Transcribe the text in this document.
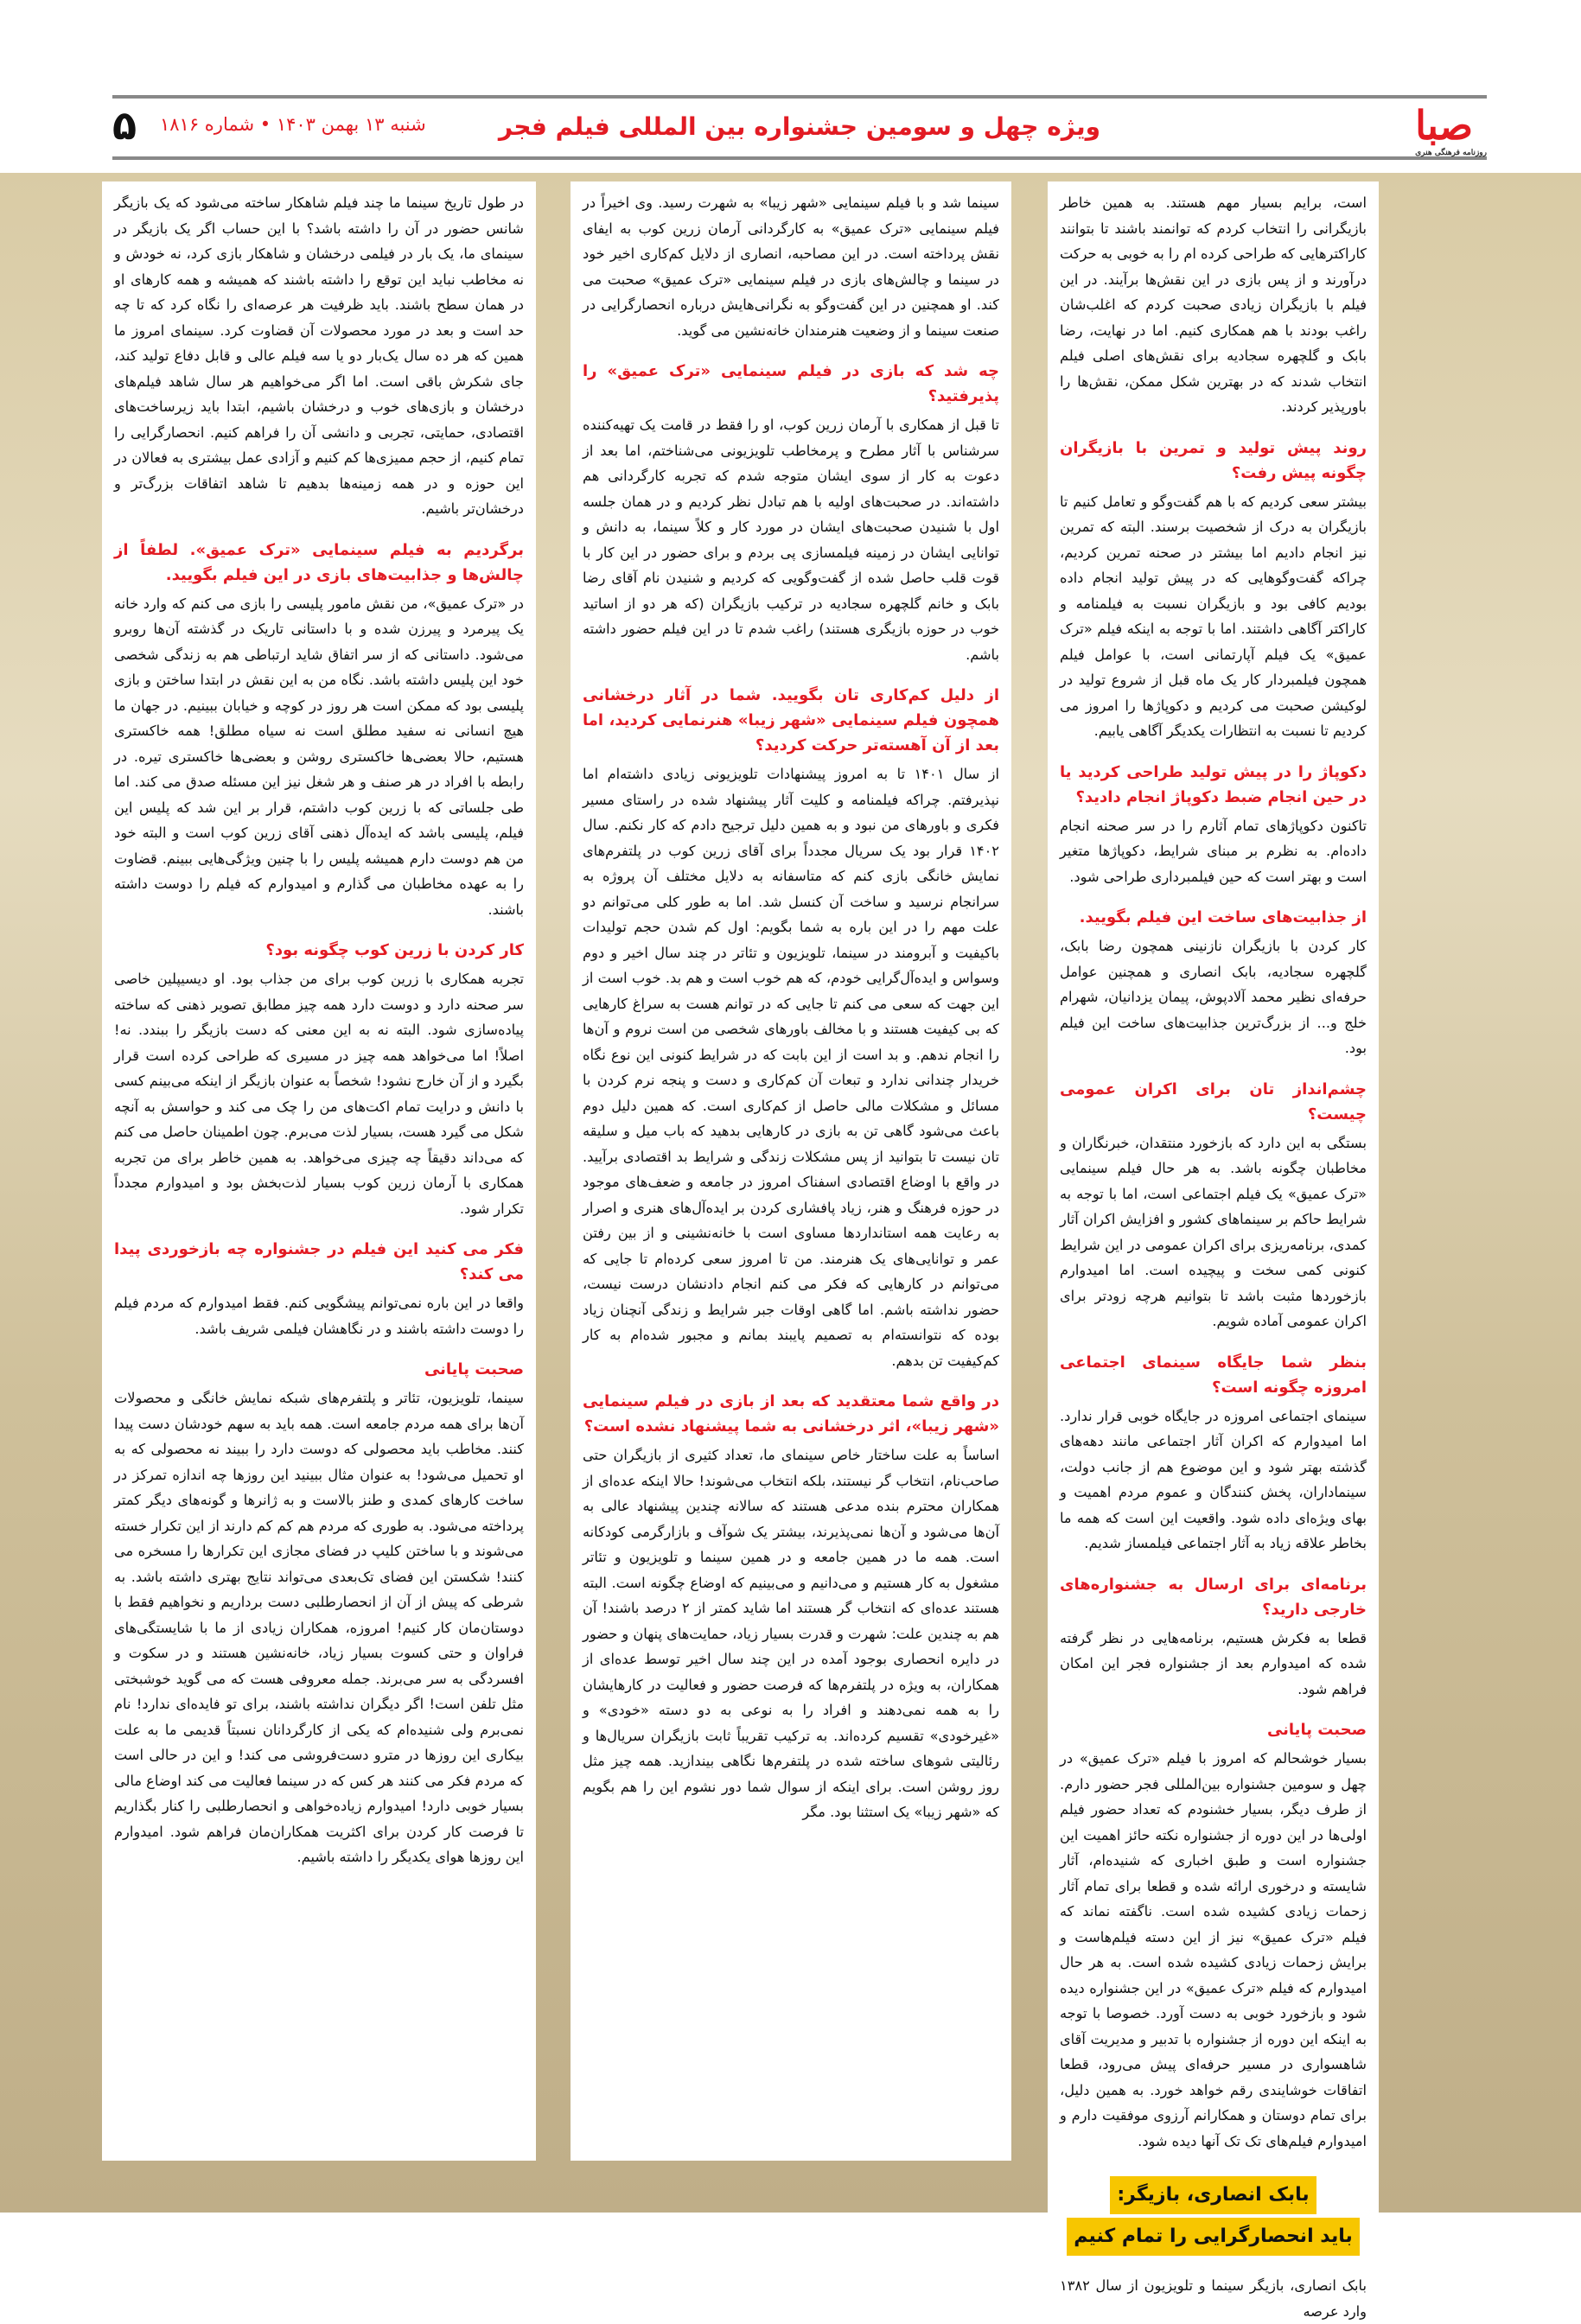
۵ شنبه ۱۳ بهمن ۱۴۰۳ • شماره ۱۸۱۶	ویژه چهل و سومین جشنواره بین المللی فیلم فجر	صبا
روزنامه فرهنگی هنری

است، برایم بسیار مهم هستند. به همین خاطر بازیگرانی را انتخاب کردم که توانمند باشند تا بتوانند کاراکترهایی که طراحی کرده ام را به خوبی به حرکت درآورند و از پس بازی در این نقش‌ها برآیند. در این فیلم با بازیگران زیادی صحبت کردم که اغلب‌شان راغب بودند با هم همکاری کنیم. اما در نهایت، رضا بابک و گلچهره سجادیه برای نقش‌های اصلی فیلم انتخاب شدند که در بهترین شکل ممکن، نقش‌ها را باورپذیر کردند.

روند پیش تولید و تمرین با بازیگران چگونه پیش رفت؟

بیشتر سعی کردیم که با هم گفت‌وگو و تعامل کنیم تا بازیگران به درک از شخصیت برسند. البته که تمرین نیز انجام دادیم اما بیشتر در صحنه تمرین کردیم، چراکه گفت‌وگوهایی که در پیش تولید انجام داده بودیم کافی بود و بازیگران نسبت به فیلمنامه و کاراکتر آگاهی داشتند. اما با توجه به اینکه فیلم «ترک عمیق» یک فیلم آپارتمانی است، با عوامل فیلم همچون فیلمبردار کار یک ماه قبل از شروع تولید در لوکیشن صحبت می کردیم و دکوپاژها را امروز می کردیم تا نسبت به انتظارات یکدیگر آگاهی یابیم.

دکوپاژ را در پیش تولید طراحی کردید یا در حین انجام ضبط دکوپاژ انجام دادید؟

تاکنون دکوپاژهای تمام آثارم را در سر صحنه انجام داده‌ام. به نظرم بر مبنای شرایط، دکوپاژها متغیر است و بهتر است که حین فیلمبرداری طراحی شود.

از جذابیت‌های ساخت این فیلم بگویید.

کار کردن با بازیگران نازنینی همچون رضا بابک، گلچهره سجادیه، بابک انصاری و همچنین عوامل حرفه‌ای نظیر محمد آلادپوش، پیمان یزدانیان، شهرام خلج و... از بزرگ‌ترین جذابیت‌های ساخت این فیلم بود.

چشم‌انداز تان برای اکران عمومی چیست؟

بستگی به این دارد که بازخورد منتقدان، خبرنگاران و مخاطبان چگونه باشد. به هر حال فیلم سینمایی «ترک عمیق» یک فیلم اجتماعی است، اما با توجه به شرایط حاکم بر سینماهای کشور و افزایش اکران آثار کمدی، برنامه‌ریزی برای اکران عمومی در این شرایط کنونی کمی سخت و پیچیده است. اما امیدوارم بازخوردها مثبت باشد تا بتوانیم هرچه زودتر برای اکران عمومی آماده شویم.

بنظر شما جایگاه سینمای اجتماعی امروزه چگونه است؟

سینمای اجتماعی امروزه در جایگاه خوبی قرار ندارد. اما امیدوارم که اکران آثار اجتماعی مانند دهه‌های گذشته بهتر شود و این موضوع هم از جانب دولت، سینماداران، پخش کنندگان و عموم مردم اهمیت و بهای ویژه‌ای داده شود. واقعیت این است که همه ما بخاطر علاقه زیاد به آثار اجتماعی فیلمساز شدیم.

برنامه‌ای برای ارسال به جشنواره‌های خارجی دارید؟

قطعا به فکرش هستیم، برنامه‌هایی در نظر گرفته شده که امیدوارم بعد از جشنواره فجر این امکان فراهم شود.

صحبت پایانی

بسیار خوشحالم که امروز با فیلم «ترک عمیق» در چهل و سومین جشنواره بین‌المللی فجر حضور دارم. از طرف دیگر، بسیار خشنودم که تعداد حضور فیلم اولی‌ها در این دوره از جشنواره نکته حائز اهمیت این جشنواره است و طبق اخباری که شنیده‌ام، آثار شایسته و درخوری ارائه شده و قطعا برای تمام آثار زحمات زیادی کشیده شده است. ناگفته نماند که فیلم «ترک عمیق» نیز از این دسته فیلم‌هاست و برایش زحمات زیادی کشیده شده است. به هر حال امیدوارم که فیلم «ترک عمیق» در این جشنواره دیده شود و بازخورد خوبی به دست آورد. خصوصا با توجه به اینکه این دوره از جشنواره با تدبیر و مدیریت آقای شاهسواری در مسیر حرفه‌ای پیش می‌رود، قطعا اتفاقات خوشایندی رقم خواهد خورد. به همین دلیل، برای تمام دوستان و همکارانم آرزوی موفقیت دارم و امیدوارم فیلم‌های تک تک آنها دیده شود.

بابک انصاری، بازیگر:
باید انحصارگرایی را تمام کنیم

بابک انصاری، بازیگر سینما و تلویزیون از سال ۱۳۸۲ وارد عرصه

سینما شد و با فیلم سینمایی «شهر زیبا» به شهرت رسید. وی اخیراً در فیلم سینمایی «ترک عمیق» به کارگردانی آرمان زرین کوب به ایفای نقش پرداخته است. در این مصاحبه، انصاری از دلایل کم‌کاری اخیر خود در سینما و چالش‌های بازی در فیلم سینمایی «ترک عمیق» صحبت می کند. او همچنین در این گفت‌وگو به نگرانی‌هایش درباره انحصارگرایی در صنعت سینما و از وضعیت هنرمندان خانه‌نشین می گوید.

چه شد که بازی در فیلم سینمایی «ترک عمیق» را پذیرفتید؟

تا قبل از همکاری با آرمان زرین کوب، او را فقط در قامت یک تهیه‌کننده سرشناس با آثار مطرح و پرمخاطب تلویزیونی می‌شناختم، اما بعد از دعوت به کار از سوی ایشان متوجه شدم که تجربه کارگردانی هم داشته‌اند. در صحبت‌های اولیه با هم تبادل نظر کردیم و در همان جلسه اول با شنیدن صحبت‌های ایشان در مورد کار و کلاً سینما، به دانش و توانایی ایشان در زمینه فیلمسازی پی بردم و برای حضور در این کار با قوت قلب حاصل شده از گفت‌وگویی که کردیم و شنیدن نام آقای رضا بابک و خانم گلچهره سجادیه در ترکیب بازیگران (که هر دو از اساتید خوب در حوزه بازیگری هستند) راغب شدم تا در این فیلم حضور داشته باشم.

از دلیل کم‌کاری تان بگویید. شما در آثار درخشانی همچون فیلم سینمایی «شهر زیبا» هنرنمایی کردید، اما بعد از آن آهسته‌تر حرکت کردید؟

از سال ۱۴۰۱ تا به امروز پیشنهادات تلویزیونی زیادی داشته‌ام اما نپذیرفتم. چراکه فیلمنامه و کلیت آثار پیشنهاد شده در راستای مسیر فکری و باورهای من نبود و به همین دلیل ترجیح دادم که کار نکنم. سال ۱۴۰۲ قرار بود یک سریال مجدداً برای آقای زرین کوب در پلتفرم‌های نمایش خانگی بازی کنم که متاسفانه به دلایل مختلف آن پروژه به سرانجام نرسید و ساخت آن کنسل شد. اما به طور کلی می‌توانم دو علت مهم را در این باره به شما بگویم: اول کم شدن حجم تولیدات باکیفیت و آبرومند در سینما، تلویزیون و تئاتر در چند سال اخیر و دوم وسواس و ایده‌آل‌گرایی خودم، که هم خوب است و هم بد. خوب است از این جهت که سعی می کنم تا جایی که در توانم هست به سراغ کارهایی که بی کیفیت هستند و با مخالف باورهای شخصی من است نروم و آن‌ها را انجام ندهم. و بد است از این بابت که در شرایط کنونی این نوع نگاه خریدار چندانی ندارد و تبعات آن کم‌کاری و دست و پنجه نرم کردن با مسائل و مشکلات مالی حاصل از کم‌کاری است. که همین دلیل دوم باعث می‌شود گاهی تن به بازی در کارهایی بدهید که باب میل و سلیقه تان نیست تا بتوانید از پس مشکلات زندگی و شرایط بد اقتصادی برآیید. در واقع با اوضاع اقتصادی اسفناک امروز در جامعه و ضعف‌های موجود در حوزه فرهنگ و هنر، زیاد پافشاری کردن بر ایده‌آل‌های هنری و اصرار به رعایت همه استانداردها مساوی است با خانه‌نشینی و از بین رفتن عمر و توانایی‌های یک هنرمند. من تا امروز سعی کرده‌ام تا جایی که می‌توانم در کارهایی که فکر می کنم انجام دادنشان درست نیست، حضور نداشته باشم. اما گاهی اوقات جبر شرایط و زندگی آنچنان زیاد بوده که نتوانسته‌ام به تصمیم پایبند بمانم و مجبور شده‌ام به کار کم‌کیفیت تن بدهم.

در واقع شما معتقدید که بعد از بازی در فیلم سینمایی «شهر زیبا»، اثر درخشانی به شما پیشنهاد نشده است؟

اساساً به علت ساختار خاص سینمای ما، تعداد کثیری از بازیگران حتی صاحب‌نام، انتخاب گر نیستند، بلکه انتخاب می‌شوند! حالا اینکه عده‌ای از همکاران محترم بنده مدعی هستند که سالانه چندین پیشنهاد عالی به آن‌ها می‌شود و آن‌ها نمی‌پذیرند، بیشتر یک شوآف و بازارگرمی کودکانه است. همه ما در همین جامعه و در همین سینما و تلویزیون و تئاتر مشغول به کار هستیم و می‌دانیم و می‌بینیم که اوضاع چگونه است. البته هستند عده‌ای که انتخاب گر هستند اما شاید کمتر از ۲ درصد باشند! آن هم به چندین علت: شهرت و قدرت بسیار زیاد، حمایت‌های پنهان و حضور در دایره انحصاری بوجود آمده در این چند سال اخیر توسط عده‌ای از همکاران، به ویژه در پلتفرم‌ها که فرصت حضور و فعالیت در کارهایشان را به همه نمی‌دهند و افراد را به نوعی به دو دسته «خودی» و «غیرخودی» تقسیم کرده‌اند. به ترکیب تقریباً ثابت بازیگران سریال‌ها و رئالیتی شوهای ساخته شده در پلتفرم‌ها نگاهی بیندازید. همه چیز مثل روز روشن است. برای اینکه از سوال شما دور نشوم این را هم بگویم که «شهر زیبا» یک استثنا بود. مگر

در طول تاریخ سینما ما چند فیلم شاهکار ساخته می‌شود که یک بازیگر شانس حضور در آن را داشته باشد؟ با این حساب اگر یک بازیگر در سینمای ما، یک بار در فیلمی درخشان و شاهکار بازی کرد، نه خودش و نه مخاطب نباید این توقع را داشته باشند که همیشه و همه کارهای او در همان سطح باشند. باید ظرفیت هر عرصه‌ای را نگاه کرد که تا چه حد است و بعد در مورد محصولات آن قضاوت کرد. سینمای امروز ما همین که هر ده سال یک‌بار دو یا سه فیلم عالی و قابل دفاع تولید کند، جای شکرش باقی است. اما اگر می‌خواهیم هر سال شاهد فیلم‌های درخشان و بازی‌های خوب و درخشان باشیم، ابتدا باید زیرساخت‌های اقتصادی، حمایتی، تجربی و دانشی آن را فراهم کنیم. انحصارگرایی را تمام کنیم، از حجم ممیزی‌ها کم کنیم و آزادی عمل بیشتری به فعالان در این حوزه و در همه زمینه‌ها بدهیم تا شاهد اتفاقات بزرگ‌تر و درخشان‌تر باشیم.

برگردیم به فیلم سینمایی «ترک عمیق». لطفاً از چالش‌ها و جذابیت‌های بازی در این فیلم بگویید.

در «ترک عمیق»، من نقش مامور پلیسی را بازی می کنم که وارد خانه یک پیرمرد و پیرزن شده و با داستانی تاریک در گذشته آن‌ها روبرو می‌شود. داستانی که از سر اتفاق شاید ارتباطی هم به زندگی شخصی خود این پلیس داشته باشد. نگاه من به این نقش در ابتدا ساختن و بازی پلیسی بود که ممکن است هر روز در کوچه و خیابان ببینیم. در جهان ما هیچ انسانی نه سفید مطلق است نه سیاه مطلق! همه خاکستری هستیم، حالا بعضی‌ها خاکستری روشن و بعضی‌ها خاکستری تیره. در رابطه با افراد در هر صنف و هر شغل نیز این مسئله صدق می کند. اما طی جلساتی که با زرین کوب داشتم، قرار بر این شد که پلیس این فیلم، پلیسی باشد که ایده‌آل ذهنی آقای زرین کوب است و البته خود من هم دوست دارم همیشه پلیس را با چنین ویژگی‌هایی ببینم. قضاوت را به عهده مخاطبان می گذارم و امیدوارم که فیلم را دوست داشته باشند.

کار کردن با زرین کوب چگونه بود؟

تجربه همکاری با زرین کوب برای من جذاب بود. او دیسیپلین خاصی سر صحنه دارد و دوست دارد همه چیز مطابق تصویر ذهنی که ساخته پیاده‌سازی شود. البته نه به این معنی که دست بازیگر را ببندد. نه! اصلاً! اما می‌خواهد همه چیز در مسیری که طراحی کرده است قرار بگیرد و از آن خارج نشود! شخصاً به عنوان بازیگر از اینکه می‌بینم کسی با دانش و درایت تمام اکت‌های من را چک می کند و حواسش به آنچه شکل می گیرد هست، بسیار لذت می‌برم. چون اطمینان حاصل می کنم که می‌داند دقیقاً چه چیزی می‌خواهد. به همین خاطر برای من تجربه همکاری با آرمان زرین کوب بسیار لذت‌بخش بود و امیدوارم مجدداً تکرار شود.

فکر می کنید این فیلم در جشنواره چه بازخوردی پیدا می کند؟

واقعا در این باره نمی‌توانم پیشگویی کنم. فقط امیدوارم که مردم فیلم را دوست داشته باشند و در نگاهشان فیلمی شریف باشد.

صحبت پایانی

سینما، تلویزیون، تئاتر و پلتفرم‌های شبکه نمایش خانگی و محصولات آن‌ها برای همه مردم جامعه است. همه باید به سهم خودشان دست پیدا کنند. مخاطب باید محصولی که دوست دارد را ببیند نه محصولی که به او تحمیل می‌شود! به عنوان مثال ببینید این روزها چه اندازه تمرکز در ساخت کارهای کمدی و طنز بالاست و به ژانرها و گونه‌های دیگر کمتر پرداخته می‌شود. به طوری که مردم هم کم کم دارند از این تکرار خسته می‌شوند و با ساختن کلیپ در فضای مجازی این تکرارها را مسخره می کنند! شکستن این فضای تک‌بعدی می‌تواند نتایج بهتری داشته باشد. به شرطی که پیش از آن از انحصارطلبی دست برداریم و نخواهیم فقط با دوستان‌مان کار کنیم! امروزه، همکاران زیادی از ما با شایستگی‌های فراوان و حتی کسوت بسیار زیاد، خانه‌نشین هستند و در سکوت و افسردگی به سر می‌برند. جمله معروفی هست که می گوید خوشبختی مثل تلفن است! اگر دیگران نداشته باشند، برای تو فایده‌ای ندارد! نام نمی‌برم ولی شنیده‌ام که یکی از کارگردانان نسبتاً قدیمی ما به علت بیکاری این روزها در مترو دست‌فروشی می کند! و این در حالی است که مردم فکر می کنند هر کس که در سینما فعالیت می کند اوضاع مالی بسیار خوبی دارد! امیدوارم زیاده‌خواهی و انحصارطلبی را کنار بگذاریم تا فرصت کار کردن برای اکثریت همکاران‌مان فراهم شود. امیدوارم این روزها هوای یکدیگر را داشته باشیم.
